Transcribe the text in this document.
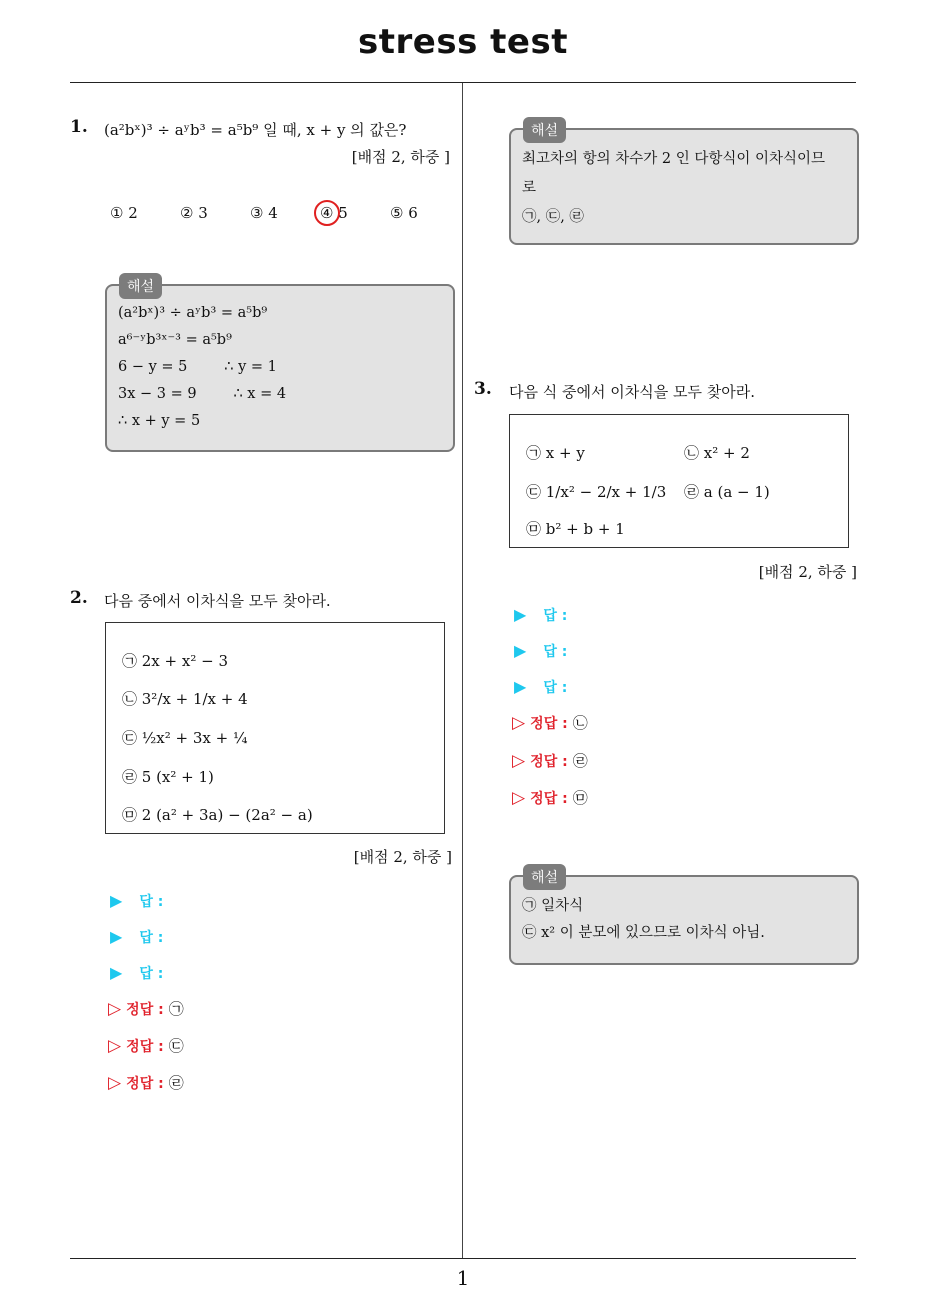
stress test
1
1. (a²bˣ)³ ÷ aʸb³ = a⁵b⁹ 일 때, x + y 의 값은?
[배점 2, 하중 ]
① 2	② 3	③ 4	④ 5	⑤ 6
해설
(a²bˣ)³ ÷ aʸb³ = a⁵b⁹
a⁶⁻ʸb³ˣ⁻³ = a⁵b⁹
6 − y = 5        ∴ y = 1
3x − 3 = 9        ∴ x = 4
∴ x + y = 5
2. 다음 중에서 이차식을 모두 찾아라.
㉠ 2x + x² − 3
㉡ 3²/x + 1/x + 4
㉢ ½x² + 3x + ¼
㉣ 5 (x² + 1)
㉤ 2 (a² + 3a) − (2a² − a)
[배점 2, 하중 ]
▶ 답 :
▶ 답 :
▶ 답 :
▷ 정답 : ㉠
▷ 정답 : ㉢
▷ 정답 : ㉣
해설
최고차의 항의 차수가 2 인 다항식이 이차식이므
로
㉠, ㉢, ㉣
3. 다음 식 중에서 이차식을 모두 찾아라.
㉠ x + y	㉡ x² + 2
㉢ 1/x² − 2/x + 1/3 ㉣ a (a − 1)
㉤ b² + b + 1
[배점 2, 하중 ]
▶ 답 :
▶ 답 :
▶ 답 :
▷ 정답 : ㉡
▷ 정답 : ㉣
▷ 정답 : ㉤
해설
㉠ 일차식
㉢ x² 이 분모에 있으므로 이차식 아님.
